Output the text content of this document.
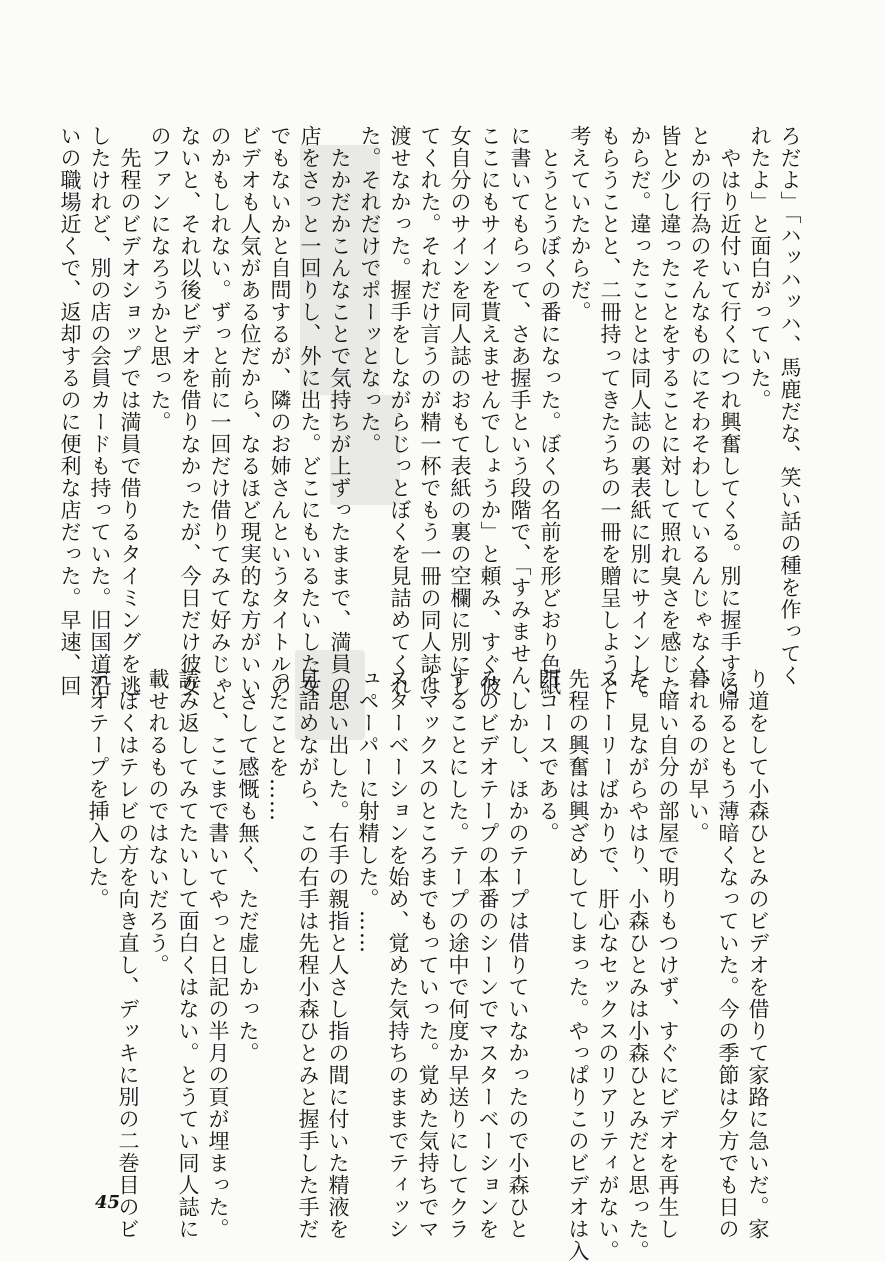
ろだよ」「ハッハッハ、馬鹿だな、笑い話の種を作ってく

れたよ」と面白がっていた。

　やはり近付いて行くにつれ興奮してくる。別に握手する

とかの行為のそんなものにそわそわしているんじゃなく、

皆と少し違ったことをすることに対して照れ臭さを感じた

からだ。違ったこととは同人誌の裏表紙に別にサインして

もらうことと、二冊持ってきたうちの一冊を贈呈しようと

考えていたからだ。

　とうとうぼくの番になった。ぼくの名前を形どおり色紙

に書いてもらって、さあ握手という段階で、「すみません、

ここにもサインを貰えませんでしょうか」と頼み、すぐ彼

女自分のサインを同人誌のおもて表紙の裏の空欄に別にし

てくれた。それだけ言うのが精一杯でもう一冊の同人誌は

渡せなかった。握手をしながらじっとぼくを見詰めてくれ

た。それだけでポーッとなった。

　たかだかこんなことで気持ちが上ずったままで、満員の

店をさっと一回りし、外に出た。どこにもいるたいした女

でもないかと自問するが、隣のお姉さんというタイトルの

ビデオも人気がある位だから、なるほど現実的な方がいい

のかもしれない。ずっと前に一回だけ借りてみて好みじゃ

ないと、それ以後ビデオを借りなかったが、今日だけ彼女

のファンになろうかと思った。

　先程のビデオショップでは満員で借りるタイミングを逃

したけれど、別の店の会員カードも持っていた。旧国道沿

いの職場近くで、返却するのに便利な店だった。早速、回

り道をして小森ひとみのビデオを借りて家路に急いだ。家

に帰るともう薄暗くなっていた。今の季節は夕方でも日の

暮れるのが早い。

　暗い自分の部屋で明りもつけず、すぐにビデオを再生し

た。見ながらやはり、小森ひとみは小森ひとみだと思った。

ストーリーばかりで、肝心なセックスのリアリティがない。

先程の興奮は興ざめしてしまった。やっぱりこのビデオは入

門コースである。

　しかし、ほかのテープは借りていなかったので小森ひと

みのビデオテープの本番のシーンでマスターベーションを

することにした。テープの途中で何度か早送りにしてクラ

イマックスのところまでもっていった。覚めた気持ちでマ

スターベーションを始め、覚めた気持ちのままでティッシ

ュペーパーに射精した。……

　思い出した。右手の親指と人さし指の間に付いた精液を

見詰めながら、この右手は先程小森ひとみと握手した手だ

ったことを……

　さして感慨も無く、ただ虚しかった。

　と、ここまで書いてやっと日記の半月の頁が埋まった。

読み返してみてたいして面白くはない。とうてい同人誌に

載せれるものではないだろう。

　ぼくはテレビの方を向き直し、デッキに別の二巻目のビ

デオテープを挿入した。

45
